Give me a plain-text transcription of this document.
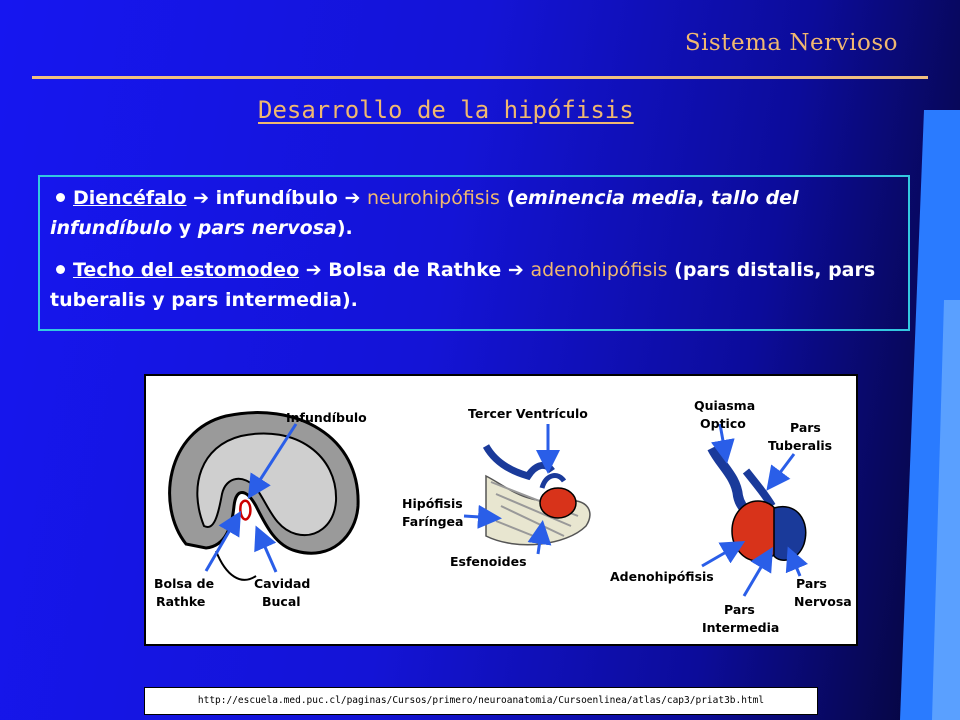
Sistema Nervioso
Desarrollo de la hipófisis
Diencéfalo ➔ infundíbulo ➔ neurohipófisis (eminencia media, tallo del infundíbulo y pars nervosa).
Techo del estomodeo ➔ Bolsa de Rathke ➔ adenohipófisis (pars distalis, pars tuberalis y pars intermedia).
Infundíbulo
Bolsa de
Rathke
Cavidad
Bucal
Tercer Ventrículo
Hipófisis
Faríngea
Esfenoides
Quiasma
Optico	Pars
Tuberalis
Adenohipófisis	Pars
Nervosa
Pars
Intermedia
http://escuela.med.puc.cl/paginas/Cursos/primero/neuroanatomia/Cursoenlinea/atlas/cap3/priat3b.html
